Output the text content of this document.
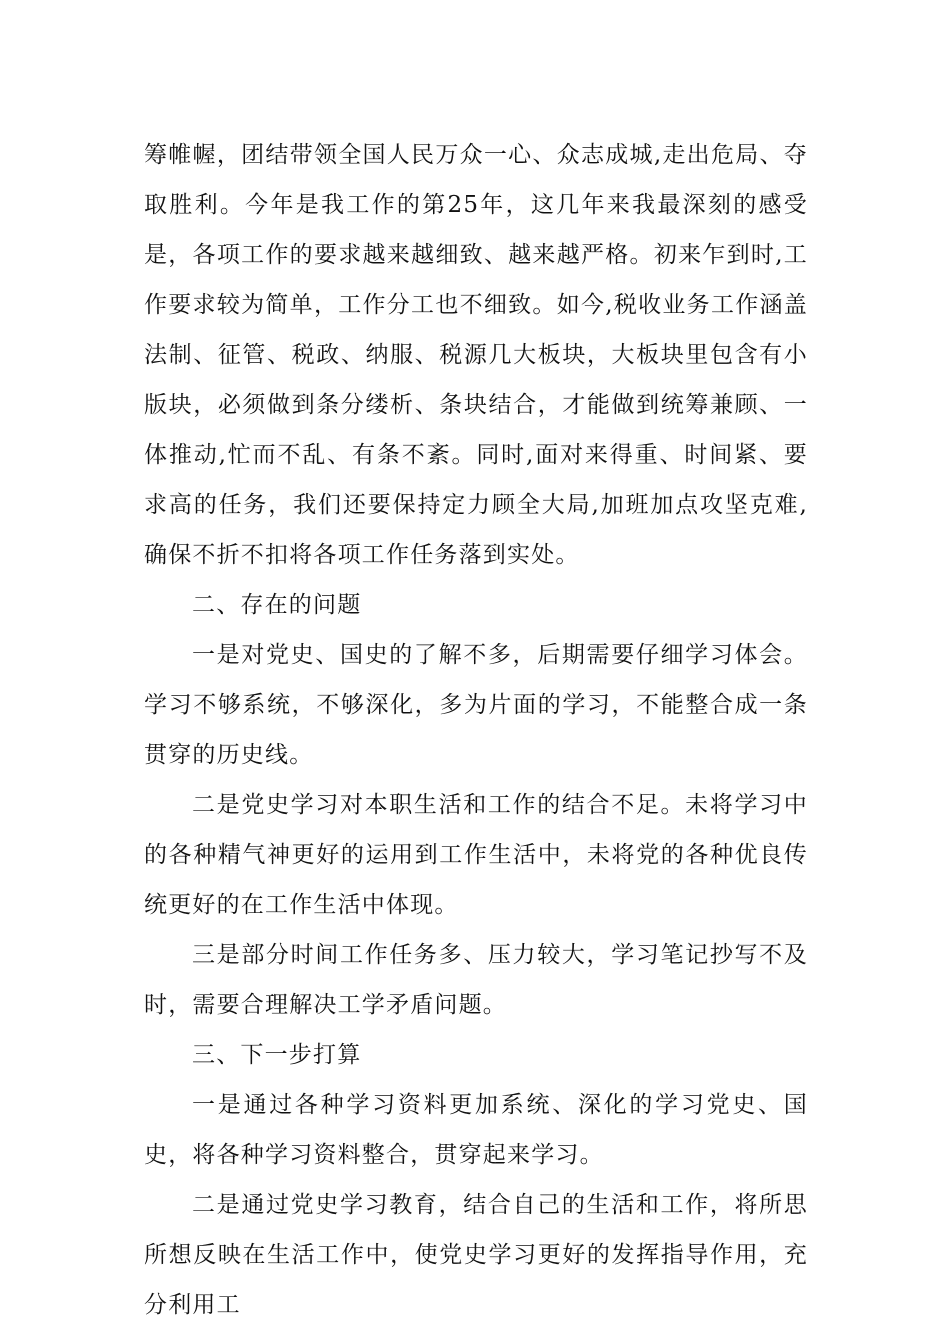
筹帷幄，团结带领全国人民万众一心、众志成城,走出危局、夺取胜利。今年是我工作的第25年，这几年来我最深刻的感受是，各项工作的要求越来越细致、越来越严格。初来乍到时,工作要求较为简单，工作分工也不细致。如今,税收业务工作涵盖法制、征管、税政、纳服、税源几大板块，大板块里包含有小版块，必须做到条分缕析、条块结合，才能做到统筹兼顾、一体推动,忙而不乱、有条不紊。同时,面对来得重、时间紧、要求高的任务，我们还要保持定力顾全大局,加班加点攻坚克难,确保不折不扣将各项工作任务落到实处。

二、存在的问题

一是对党史、国史的了解不多，后期需要仔细学习体会。学习不够系统，不够深化，多为片面的学习，不能整合成一条贯穿的历史线。

二是党史学习对本职生活和工作的结合不足。未将学习中的各种精气神更好的运用到工作生活中，未将党的各种优良传统更好的在工作生活中体现。

三是部分时间工作任务多、压力较大，学习笔记抄写不及时，需要合理解决工学矛盾问题。

三、下一步打算

一是通过各种学习资料更加系统、深化的学习党史、国史，将各种学习资料整合，贯穿起来学习。

二是通过党史学习教育，结合自己的生活和工作，将所思所想反映在生活工作中，使党史学习更好的发挥指导作用，充分利用工
